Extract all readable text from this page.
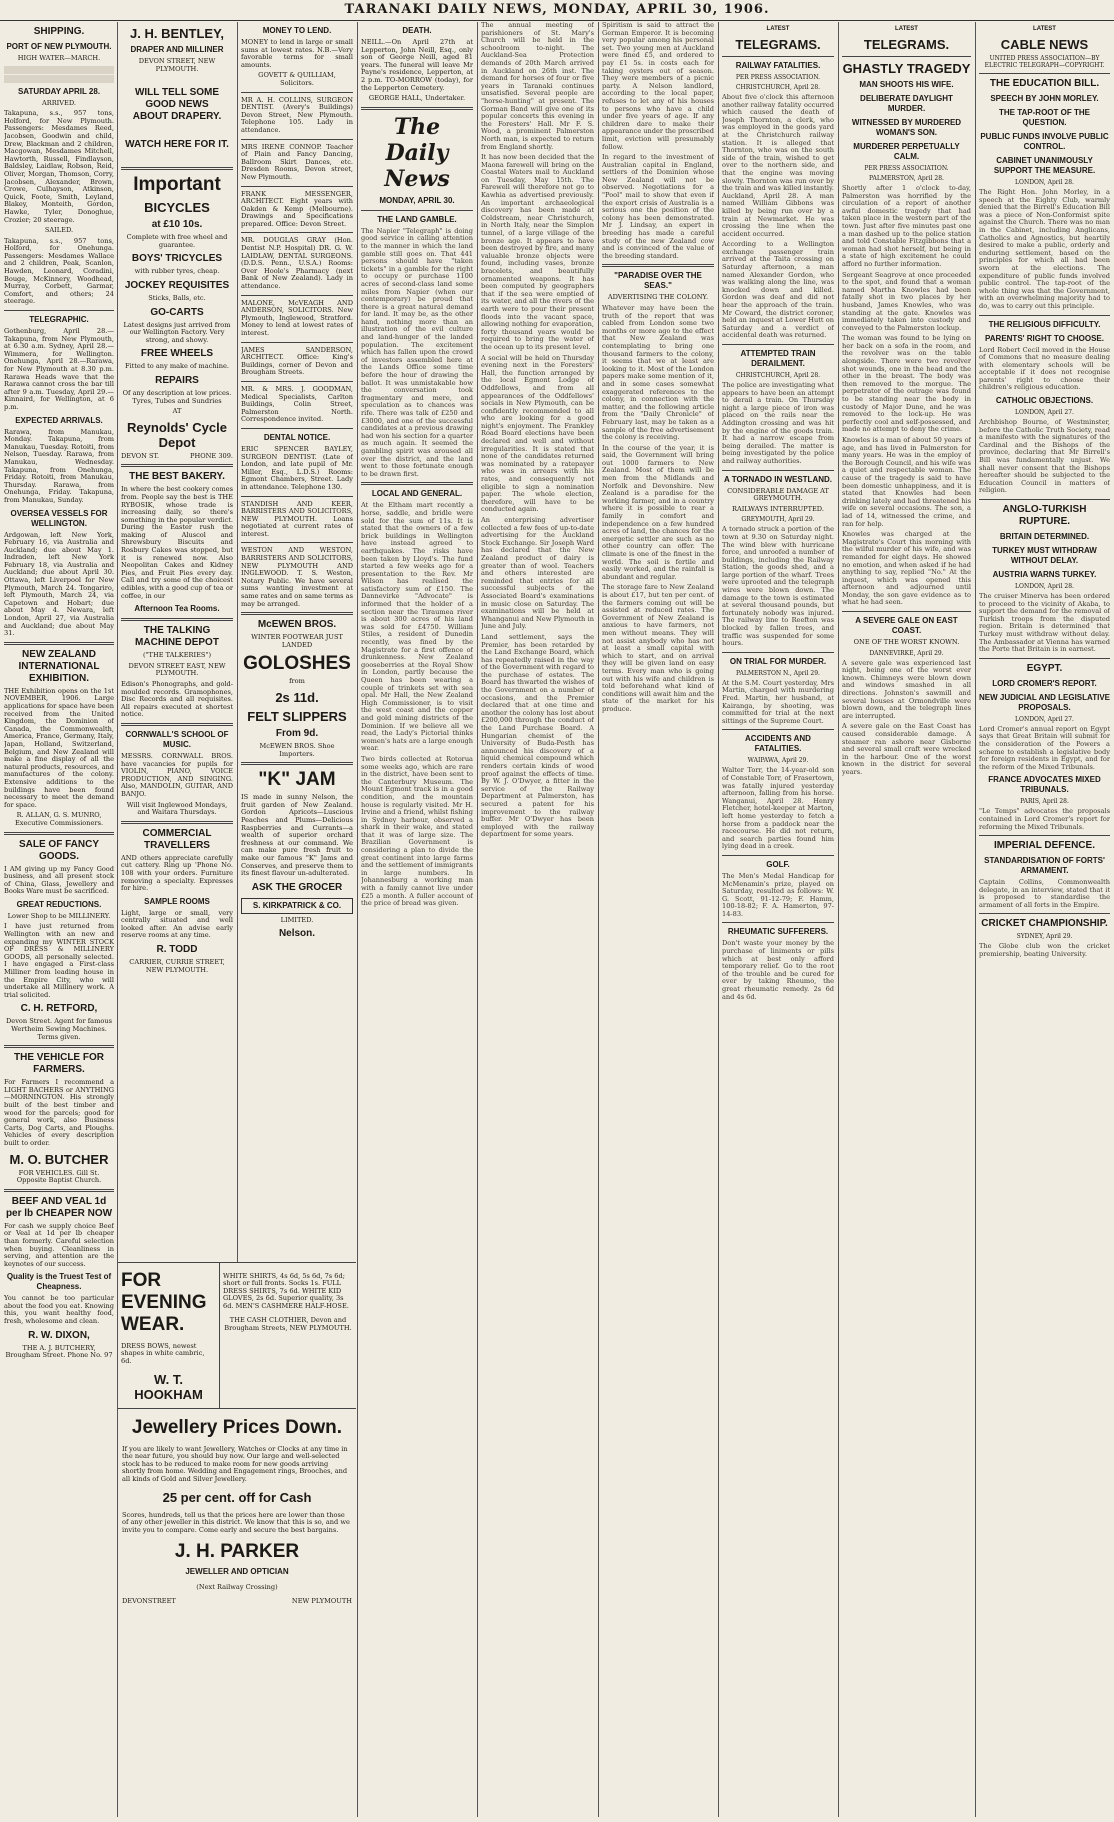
TARANAKI DAILY NEWS, MONDAY, APRIL 30, 1906.
SHIPPING.
PORT OF NEW PLYMOUTH.

HIGH WATER—MARCH.

SATURDAY APRIL 28.

ARRIVED.

Takapuna, s.s., 957 tons, Holford, for New Plymouth. Passengers: Mesdames Reed, Jacobsen, Goodwin and child, Drew, Blackman and 2 children, Macgowan, Mesdames Mitchell, Hawtorth, Russell, Findlayson, Baldsley, Laidlaw, Robson, Reid, Oliver, Morgan, Thomson, Corry, Jacobsen, Alexander, Brown, Crowe, Culhayson, Atkinson, Quick, Foote, Smith, Leyland, Blakey, Monteith, Gordon, Hawke, Tyler, Donoghue, Crozier; 20 steerage.

SAILED.

Takapuna, s.s., 957 tons, Holford, for Onehunga. Passengers: Mesdames Wallace and 2 children, Peak, Scanlon, Hawden, Leonard, Coradini, Bouge, McKinnery, Woodhead, Murray, Corbett, Garmar, Comfort, and others; 24 steerage.

TELEGRAPHIC.

Gothenburg, April 28.—Takapuna, from New Plymouth, at 6.30 a.m. Sydney, April 28.—Wimmera, for Wellington. Onehunga, April 28.—Rarawa, for New Plymouth at 8.30 p.m. Rarawa Heads wave that the Rarawa cannot cross the bar till after 9 a.m. Tuesday, April 29.—Kinnaird, for Wellington, at 6 p.m.

EXPECTED ARRIVALS.

Rarawa, from Manukau, Monday. Takapuna, from Manukau, Tuesday. Rotoiti, from Nelson, Tuesday. Rarawa, from Manukau, Wednesday. Takapuna, from Onehunga, Friday. Rotoiti, from Manukau, Thursday. Rarawa, from Onehunga, Friday. Takapuna, from Manukau, Sunday.

OVERSEA VESSELS FOR WELLINGTON.

Ardgowan, left New York, February 16, via Australia and Auckland; due about May 1. Indraden, left New York February 18, via Australia and Auckland; due about April 30. Ottawa, left Liverpool for New Plymouth, March 24. Tongariro, left Plymouth, March 24, via Capetown and Hobart; due about May 4. Newara, left London, April 27, via Australia and Auckland; due about May 31.

NEW ZEALAND INTERNATIONAL EXHIBITION.

THE Exhibition opens on the 1st NOVEMBER, 1906. Large applications for space have been received from the United Kingdom, the Dominion of Canada, the Commonwealth, America, France, Germany, Italy, Japan, Holland, Switzerland, Belgium, and New Zealand will make a fine display of all the natural products, resources, and manufactures of the colony. Extensive additions to the buildings have been found necessary to meet the demand for space.

R. ALLAN, G. S. MUNRO, Executive Commissioners.

SALE OF FANCY GOODS.

I AM giving up my Fancy Good business, and all present stock of China, Glass, Jewellery and Books Ware must be sacrificed.

GREAT REDUCTIONS.

Lower Shop to be MILLINERY.

I have just returned from Wellington with an new and expanding my WINTER STOCK OF DRESS & MILLINERY GOODS, all personally selected. I have engaged a First-class Milliner from leading house in the Empire City, who will undertake all Millinery work. A trial solicited.

C. H. RETFORD,

Devon Street. Agent for famous Wertheim Sewing Machines. Terms given.

THE VEHICLE FOR FARMERS.

For Farmers I recommend a LIGHT BACHERS or ANYTHING—MORNINGTON. His strongly built of the best timber and wood for the parcels; good for general work, also Business Carts, Dog Carts, and Ploughs. Vehicles of every description built to order.

M. O. BUTCHER

FOR VEHICLES. Gill St. Opposite Baptist Church.

BEEF AND VEAL 1d per lb CHEAPER NOW

For cash we supply choice Beef or Veal at 1d per lb cheaper than formerly. Careful selection when buying. Cleanliness in serving, and attention are the keynotes of our success.

Quality is the Truest Test of Cheapness.

You cannot be too particular about the food you eat. Knowing this, you want healthy food, fresh, wholesome and clean.

R. W. DIXON,

THE A. J. BUTCHERY, Brougham Street. Phone No. 97

J. H. BENTLEY,
DRAPER AND MILLINER

DEVON STREET, NEW PLYMOUTH.

WILL TELL SOME GOOD NEWS ABOUT DRAPERY.
WATCH HERE FOR IT.
Important
BICYCLES
at £10 10s.

Complete with free wheel and guarantee.

BOYS' TRICYCLES

with rubber tyres, cheap.

JOCKEY REQUISITES

Sticks, Balls, etc.

GO-CARTS

Latest designs just arrived from our Wellington Factory. Very strong, and showy.

FREE WHEELS

Fitted to any make of machine.

REPAIRS

Of any description at low prices. Tyres, Tubes and Sundries

AT

Reynolds' Cycle Depot

DEVON ST.	PHONE 309.

THE BEST BAKERY.

In where the best cookery comes from. People say the best is THE RYBOSIK, whose trade is increasing daily, so there's something in the popular verdict. During the Easter rush the making of Aluscol and Shrewsbury Biscuits and Rosbury Cakes was stopped, but it is renewed now. Also Neopolitan Cakes and Kidney Pies, and Fruit Pies every day. Call and try some of the choicest edibles, with a good cup of tea or coffee, in our

Afternoon Tea Rooms.
THE TALKING MACHINE DEPOT

("THE TALKERIES")

DEVON STREET EAST, NEW PLYMOUTH.

Edison's Phonographs, and gold-moulded records. Gramophones, Disc Records and all requisites. All repairs executed at shortest notice.

CORNWALL'S SCHOOL OF MUSIC.

MESSRS. CORNWALL BROS. have vacancies for pupils for VIOLIN, PIANO, VOICE PRODUCTION, AND SINGING. Also, MANDOLIN, GUITAR, AND BANJO.

Will visit Inglewood Mondays, and Waitara Thursdays.

COMMERCIAL TRAVELLERS

AND others appreciate carefully cut cattery. Ring up 'Phone No. 108 with your orders. Furniture removing a specialty. Expresses for hire.

SAMPLE ROOMS

Light, large or small, very centrally situated and well looked after. An advise early reserve rooms at any time.

R. TODD

CARRIER, CURRIE STREET, NEW PLYMOUTH.

MONEY TO LEND.

MONEY to lend in large or small sums at lowest rates. N.B.—Very favorable terms for small amounts.

GOVETT & QUILLIAM, Solicitors.

MR A. H. COLLINS, SURGEON DENTIST. (Avery's Buildings) Devon Street, New Plymouth. Telephone 105. Lady in attendance.

MRS IRENE CONNOP. Teacher of Plain and Fancy Dancing, Ballroom Skirt Dances, etc. Dresden Rooms, Devon street, New Plymouth.

FRANK MESSENGER, ARCHITECT. Eight years with Oakden & Kemp (Melbourne). Drawings and Specifications prepared. Office: Devon Street.

MR. DOUGLAS GRAY (Hon. Dentist N.P. Hospital) DR. G. W. LAIDLAW, DENTAL SURGEONS. (D.D.S. Penn., U.S.A.) Rooms: Over Hoole's Pharmacy (next Bank of New Zealand). Lady in attendance.

MALONE, McVEAGH AND ANDERSON, SOLICITORS. New Plymouth, Inglewood, Stratford. Money to lend at lowest rates of interest.

JAMES SANDERSON, ARCHITECT. Office: King's Buildings, corner of Devon and Brougham Streets.

MR. & MRS. J. GOODMAN, Medical Specialists, Carlton Buildings, Colin Street, Palmerston North. Correspondence invited.

DENTAL NOTICE.

ERIC SPENCER BAYLEY, SURGEON DENTIST. (Late of London, and late pupil of Mr. Miller, Esq., L.D.S.) Rooms: Egmont Chambers, Street. Lady in attendance. Telephone 130.

STANDISH AND KEER, BARRISTERS AND SOLICITORS, NEW PLYMOUTH. Loans negotiated at current rates of interest.

WESTON AND WESTON, BARRISTERS AND SOLICITORS, NEW PLYMOUTH AND INGLEWOOD. T. S. Weston, Notary Public. We have several sums wanting investment at same rates and on same terms as may be arranged.

McEWEN BROS.

WINTER FOOTWEAR JUST LANDED

GOLOSHES

from

2s 11d.
FELT SLIPPERS
From 9d.

McEWEN BROS. Shoe Importers.

"K" JAM

IS made in sunny Nelson, the fruit garden of New Zealand. Gordon Apricots—Luscious Peaches and Plums—Delicious Raspberries and Currants—a wealth of superior orchard freshness at our command. We can make pure fresh fruit to make our famous "K" Jams and Conserves, and preserve them to its finest flavour un-adulterated.

ASK THE GROCER
S. KIRKPATRICK & CO.

LIMITED.

Nelson.
DEATH.

NEILL.—On April 27th at Lepperton, John Neill, Esq., only son of George Neill, aged 81 years. The funeral will leave Mr Payne's residence, Lepperton, at 2 p.m. TO-MORROW (today), for the Lepperton Cemetery.

GEORGE HALL, Undertaker.

The Daily News
MONDAY, APRIL 30.
THE LAND GAMBLE.

The Napier "Telegraph" is doing good service in calling attention to the manner in which the land gamble still goes on. That 441 persons should have "taken tickets" in a gamble for the right to occupy or purchase 1100 acres of second-class land some miles from Napier (when our contemporary) be proud that there is a great natural demand for land. It may be, as the other hand, nothing more than an illustration of the evil culture and land-hunger of the landed population. The excitement which has fallen upon the crowd of investors assembled here at the Lands Office some time before the hour of drawing the ballot. It was unmistakable how the conversation took fragmentary and mere, and speculation as to chances was rife. There was talk of £250 and £3000, and one of the successful candidates at a previous drawing had won his section for a quarter as much again. It seemed the gambling spirit was aroused all over the district, and the land went to those fortunate enough to be drawn first.

LOCAL AND GENERAL.

At the Eltham mart recently a horse, saddle, and bridle were sold for the sum of 11s. It is stated that the owners of a few brick buildings in Wellington have instead agreed to earthquakes. The risks have been taken by Lloyd's. The fund started a few weeks ago for a presentation to the Rev. Mr Wilson has realised the satisfactory sum of £150. The Dannevirke "Advocate" is informed that the holder of a section near the Tiraumea river is about 300 acres of his land was sold for £4750. William Stiles, a resident of Dunedin recently, was fined by the Magistrate for a first offence of drunkenness. New Zealand gooseberries at the Royal Show in London, partly because the Queen has been wearing a couple of trinkets set with sea opal. Mr Hall, the New Zealand High Commissioner, is to visit the west coast and the copper and gold mining districts of the Dominion. If we believe all we read, the Lady's Pictorial thinks women's hats are a large enough wear.

Two birds collected at Rotorua some weeks ago, which are rare in the district, have been sent to the Canterbury Museum. The Mount Egmont track is in a good condition, and the mountain house is regularly visited. Mr H. Irvine and a friend, whilst fishing in Sydney harbour, observed a shark in their wake, and stated that it was of large size. The Brazilian Government is considering a plan to divide the great continent into large farms and the settlement of immigrants in large numbers. In Johannesburg a working man with a family cannot live under £25 a month. A fuller account of the price of bread was given.

The annual meeting of parishioners of St. Mary's Church will be held in the schoolroom to-night. The Auckland-Sea Protection demands of 20th March arrived in Auckland on 26th inst. The demand for horses of four or five years in Taranaki continues unsatisfied. Several people are "horse-hunting" at present. The Gorman Band will give one of its popular concerts this evening in the Foresters' Hall. Mr F. S. Wood, a prominent Palmerston North man, is expected to return from England shortly.

It has now been decided that the Maona farewell will bring on the Coastal Waters mail to Auckland on Tuesday, May 15th. The Farewell will therefore not go to Kawhia as advertised previously. An important archaeological discovery has been made at Coldstream, near Christchurch, in North Italy, near the Simplon tunnel, of a large village of the bronze age. It appears to have been destroyed by fire, and many valuable bronze objects were found, including vases, bronze bracelets, and beautifully ornamented weapons. It has been computed by geographers that if the sea were emptied of its water, and all the rivers of the earth were to pour their present floods into the vacant space, allowing nothing for evaporation, forty thousand years would be required to bring the water of the ocean up to its present level.

A social will be held on Thursday evening next in the Foresters' Hall, the function arranged by the local Egmont Lodge of Oddfellows, and from all appearances of the Oddfellows' socials in New Plymouth, can be confidently recommended to all who are looking for a good night's enjoyment. The Frankley Road Board elections have been declared and well and without irregularities. It is stated that none of the candidates returned was nominated by a ratepayer who was in arrears with his rates, and consequently not eligible to sign a nomination paper. The whole election, therefore, will have to be conducted again.

An enterprising advertiser collected a few fees of up-to-date advertising for the Auckland Stock Exchange. Sir Joseph Ward has declared that the New Zealand product of dairy is greater than of wool. Teachers and others interested are reminded that entries for all successful subjects of the Associated Board's examinations in music close on Saturday. The examinations will be held at Whanganui and New Plymouth in June and July.

Land settlement, says the Premier, has been retarded by the Land Exchange Board, which has repeatedly raised in the way of the Government with regard to the purchase of estates. The Board has thwarted the wishes of the Government on a number of occasions, and the Premier declared that at one time and another the colony has lost about £200,000 through the conduct of the Land Purchase Board. A Hungarian chemist of the University of Buda-Pesth has announced his discovery of a liquid chemical compound which renders certain kinds of wood proof against the effects of time. By W. J. O'Dwyer, a fitter in the service of the Railway Department at Palmerston, has secured a patent for his improvement to the railway buffer. Mr O'Dwyer has been employed with the railway department for some years.

Spiritism is said to attract the German Emperor. It is becoming very popular among his personal set. Two young men at Auckland were fined £5, and ordered to pay £1 5s. in costs each for taking oysters out of season. They were members of a picnic party. A Nelson landlord, according to the local paper, refuses to let any of his houses to persons who have a child under five years of age. If any children dare to make their appearance under the proscribed limit, eviction will presumably follow.

In regard to the investment of Australian capital in England, settlers of the Dominion whose New Zealand will not be observed. Negotiations for a "Pool" mail to show that even if the export crisis of Australia is a serious one the position of the colony has been demonstrated. Mr J. Lindsay, an expert in breeding has made a careful study of the new Zealand cow and is convinced of the value of the breeding standard.

"PARADISE OVER THE SEAS."

ADVERTISING THE COLONY.

Whatever may have been the truth of the report that was cabled from London some two months or more ago to the effect that New Zealand was contemplating to bring one thousand farmers to the colony, it seems that we at least are looking to it. Most of the London papers make some mention of it, and in some cases somewhat exaggerated references to the colony, in connection with the matter, and the following article from the "Daily Chronicle" of February last, may be taken as a sample of the free advertisement the colony is receiving.

In the course of the year, it is said, the Government will bring out 1000 farmers to New Zealand. Most of them will be men from the Midlands and Norfolk and Devonshire. New Zealand is a paradise for the working farmer, and in a country where it is possible to rear a family in comfort and independence on a few hundred acres of land, the chances for the energetic settler are such as no other country can offer. The climate is one of the finest in the world. The soil is fertile and easily worked, and the rainfall is abundant and regular.

The storage fare to New Zealand is about £17, but ten per cent. of the farmers coming out will be assisted at reduced rates. The Government of New Zealand is anxious to have farmers, not men without means. They will not assist anybody who has not at least a small capital with which to start, and on arrival they will be given land on easy terms. Every man who is going out with his wife and children is told beforehand what kind of conditions will await him and the state of the market for his produce.

LATEST
TELEGRAMS.
RAILWAY FATALITIES.

PER PRESS ASSOCIATION.

CHRISTCHURCH, April 28.

About five o'clock this afternoon another railway fatality occurred which caused the death of Joseph Thornton, a clerk, who was employed in the goods yard at the Christchurch railway station. It is alleged that Thornton, who was on the south side of the train, wished to get over to the northern side, and that the engine was moving slowly. Thornton was run over by the train and was killed instantly. Auckland, April 28. A man named William Gibbons was killed by being run over by a train at Newmarket. He was crossing the line when the accident occurred.

According to a Wellington exchange passenger train arrived at the Taita crossing on Saturday afternoon, a man named Alexander Gordon, who was walking along the line, was knocked down and killed. Gordon was deaf and did not hear the approach of the train. Mr Coward, the district coroner, held an inquest at Lower Hutt on Saturday and a verdict of accidental death was returned.

ATTEMPTED TRAIN DERAILMENT.

CHRISTCHURCH, April 28.

The police are investigating what appears to have been an attempt to derail a train. On Thursday night a large piece of iron was placed on the rails near the Addington crossing and was hit by the engine of the goods train. It had a narrow escape from being derailed. The matter is being investigated by the police and railway authorities.

A TORNADO IN WESTLAND.

CONSIDERABLE DAMAGE AT GREYMOUTH.

RAILWAYS INTERRUPTED.

GREYMOUTH, April 29.

A tornado struck a portion of the town at 9.30 on Saturday night. The wind blew with hurricane force, and unroofed a number of buildings, including the Railway Station, the goods shed, and a large portion of the wharf. Trees were uprooted and the telegraph wires were blown down. The damage to the town is estimated at several thousand pounds, but fortunately nobody was injured. The railway line to Reefton was blocked by fallen trees, and traffic was suspended for some hours.

ON TRIAL FOR MURDER.

PALMERSTON N., April 29.

At the S.M. Court yesterday, Mrs Martin, charged with murdering Fred. Martin, her husband, at Kairanga, by shooting, was committed for trial at the next sittings of the Supreme Court.

ACCIDENTS AND FATALITIES.

WAIPAWA, April 29.

Walter Torr, the 14-year-old son of Constable Torr, of Frasertown, was fatally injured yesterday afternoon, falling from his horse. Wanganui, April 28. Henry Fletcher, hotel-keeper at Marton, left home yesterday to fetch a horse from a paddock near the racecourse. He did not return, and search parties found him lying dead in a creek.

GOLF.

The Men's Medal Handicap for McMenamin's prize, played on Saturday, resulted as follows: W. G. Scott, 91-12-79; F. Hamm, 100-18-82; F. A. Hamerton, 97-14-83.

RHEUMATIC SUFFERERS.

Don't waste your money by the purchase of liniments or pills which at best only afford temporary relief. Go to the root of the trouble and be cured for ever by taking Rheumo, the great rheumatic remedy. 2s 6d and 4s 6d.

LATEST
TELEGRAMS.
GHASTLY TRAGEDY
MAN SHOOTS HIS WIFE.
DELIBERATE DAYLIGHT MURDER.
WITNESSED BY MURDERED WOMAN'S SON.
MURDERER PERPETUALLY CALM.

PER PRESS ASSOCIATION.

PALMERSTON, April 28.

Shortly after 1 o'clock to-day, Palmerston was horrified by the circulation of a report of another awful domestic tragedy that had taken place in the western part of the town. Just after five minutes past one a man dashed up to the police station and told Constable Fitzgibbons that a woman had shot herself, but being in a state of high excitement he could afford no further information.

Sergeant Seagrove at once proceeded to the spot, and found that a woman named Martha Knowles had been fatally shot in two places by her husband, James Knowles, who was standing at the gate. Knowles was immediately taken into custody and conveyed to the Palmerston lockup.

The woman was found to be lying on her back on a sofa in the room, and the revolver was on the table alongside. There were two revolver shot wounds, one in the head and the other in the breast. The body was then removed to the morgue. The perpetrator of the outrage was found to be standing near the body in custody of Major Dune, and he was removed to the lock-up. He was perfectly cool and self-possessed, and made no attempt to deny the crime.

Knowles is a man of about 50 years of age, and has lived in Palmerston for many years. He was in the employ of the Borough Council, and his wife was a quiet and respectable woman. The cause of the tragedy is said to have been domestic unhappiness, and it is stated that Knowles had been drinking lately and had threatened his wife on several occasions. The son, a lad of 14, witnessed the crime, and ran for help.

Knowles was charged at the Magistrate's Court this morning with the wilful murder of his wife, and was remanded for eight days. He showed no emotion, and when asked if he had anything to say, replied "No." At the inquest, which was opened this afternoon and adjourned until Monday, the son gave evidence as to what he had seen.

A SEVERE GALE ON EAST COAST.

ONE OF THE WORST KNOWN.

DANNEVIRKE, April 29.

A severe gale was experienced last night, being one of the worst ever known. Chimneys were blown down and windows smashed in all directions. Johnston's sawmill and several houses at Ormondville were blown down, and the telegraph lines are interrupted.

A severe gale on the East Coast has caused considerable damage. A steamer ran ashore near Gisborne and several small craft were wrecked in the harbour. One of the worst known in the district for several years.

LATEST
CABLE NEWS

UNITED PRESS ASSOCIATION—BY ELECTRIC TELEGRAPH—COPYRIGHT.

THE EDUCATION BILL.
SPEECH BY JOHN MORLEY.
THE TAP-ROOT OF THE QUESTION.
PUBLIC FUNDS INVOLVE PUBLIC CONTROL.
CABINET UNANIMOUSLY SUPPORT THE MEASURE.

LONDON, April 28.

The Right Hon. John Morley, in a speech at the Eighty Club, warmly denied that the Birrell's Education Bill was a piece of Non-Conformist spite against the Church. There was no man in the Cabinet, including Anglicans, Catholics and Agnostics, but heartily desired to make a public, orderly and enduring settlement, based on the principles for which all had been sworn at the elections. The expenditure of public funds involved public control. The tap-root of the whole thing was that the Government, with an overwhelming majority had to do, was to carry out this principle.

THE RELIGIOUS DIFFICULTY.
PARENTS' RIGHT TO CHOOSE.

Lord Robert Cecil moved in the House of Commons that no measure dealing with elementary schools will be acceptable if it does not recognise parents' right to choose their children's religious education.

CATHOLIC OBJECTIONS.

LONDON, April 27.

Archbishop Bourne, of Westminster, before the Catholic Truth Society, read a manifesto with the signatures of the Cardinal and the Bishops of the province, declaring that Mr Birrell's Bill was fundamentally unjust. We shall never consent that the Bishops hereafter should be subjected to the Education Council in matters of religion.

ANGLO-TURKISH RUPTURE.
BRITAIN DETERMINED.
TURKEY MUST WITHDRAW WITHOUT DELAY.
AUSTRIA WARNS TURKEY.

LONDON, April 28.

The cruiser Minerva has been ordered to proceed to the vicinity of Akaba, to support the demand for the removal of Turkish troops from the disputed region. Britain is determined that Turkey must withdraw without delay. The Ambassador at Vienna has warned the Porte that Britain is in earnest.

EGYPT.
LORD CROMER'S REPORT.
NEW JUDICIAL AND LEGISLATIVE PROPOSALS.

LONDON, April 27.

Lord Cromer's annual report on Egypt says that Great Britain will submit for the consideration of the Powers a scheme to establish a legislative body for foreign residents in Egypt, and for the reform of the Mixed Tribunals.

FRANCE ADVOCATES MIXED TRIBUNALS.

PARIS, April 28.

"Le Temps" advocates the proposals contained in Lord Cromer's report for reforming the Mixed Tribunals.

IMPERIAL DEFENCE.
STANDARDISATION OF FORTS' ARMAMENT.

Captain Collins, Commonwealth delegate, in an interview, stated that it is proposed to standardise the armament of all forts in the Empire.

CRICKET CHAMPIONSHIP.

SYDNEY, April 29.

The Globe club won the cricket premiership, beating University.

FOR EVENING WEAR.

DRESS BOWS, newest shapes in white cambric, 6d.

W. T. HOOKHAM

WHITE SHIRTS, 4s 6d, 5s 6d, 7s 6d; short or full fronts. Socks 1s. FULL DRESS SHIRTS, 7s 6d. WHITE KID GLOVES, 2s 6d. Superior quality, 3s 6d. MEN'S CASHMERE HALF-HOSE.

THE CASH CLOTHIER, Devon and Brougham Streets, NEW PLYMOUTH.

Jewellery Prices Down.

If you are likely to want Jewellery, Watches or Clocks at any time in the near future, you should buy now. Our large and well-selected stock has to be reduced to make room for new goods arriving shortly from home. Wedding and Engagement rings, Brooches, and all kinds of Gold and Silver Jewellery.

25 per cent. off for Cash

Scores, hundreds, tell us that the prices here are lower than those of any other jeweller in this district. We know that this is so, and we invite you to compare. Come early and secure the best bargains.

J. H. PARKER
JEWELLER AND OPTICIAN

(Next Railway Crossing)

DEVONSTREET	NEW PLYMOUTH
